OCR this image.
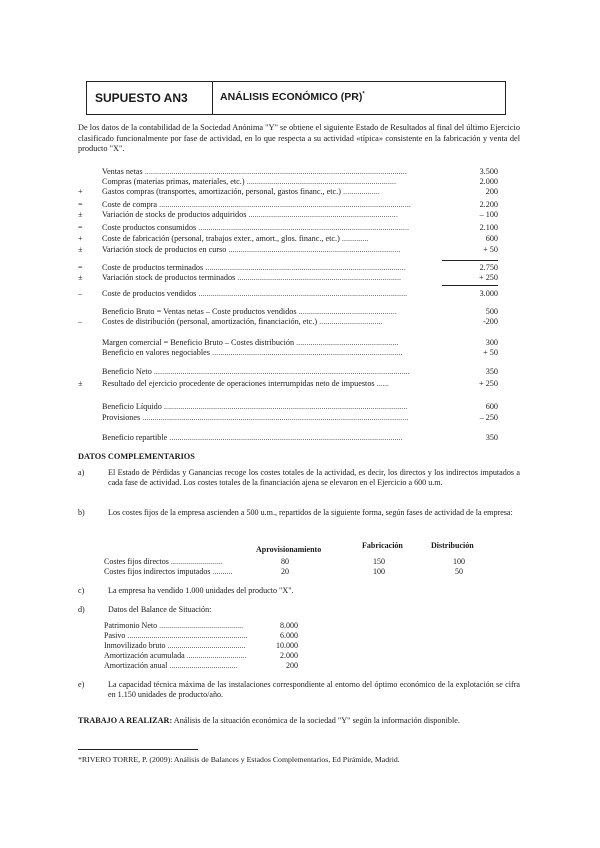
SUPUESTO AN3	ANÁLISIS ECONÓMICO (PR)*
De los datos de la contabilidad de la Sociedad Anónima "Y" se obtiene el siguiente Estado de Resultados al final del último Ejercicio clasificado funcionalmente por fase de actividad, en lo que respecta a su actividad «típica» consistente en la fabricación y venta del producto "X".
Ventas netas ................................................................................................................................	3.500
Compras (materias primas, materiales, etc.) .........................................................................	2.000
+	Gastos compras (transportes, amortización, personal, gastos financ., etc.) ..................	200
=	Coste de compra ...........................................................................................................................	2.200
±	Variación de stocks de productos adquiridos .........................................................................	– 100
=	Coste productos consumidos .......................................................................................................	2.100
+	Coste de fabricación (personal, trabajos exter., amort., glos. financ., etc.) .............	600
±	Variación stock de productos en curso ....................................................................................	+ 50
=	Coste de productos terminados ..................................................................................................	2.750
±	Variación stock de productos terminados ................................................................................	+ 250
–	Coste de productos vendidos ......................................................................................................	3.000
Beneficio Bruto = Ventas netas – Coste productos vendidos ................................................	500
–	Costes de distribución (personal, amortización, financiación, etc.) ...............................	-200
Margen comercial = Beneficio Bruto – Costes distribución ..................................................	300
Beneficio en valores negociables .............................................................................................	+ 50
Beneficio Neto .............................................................................................................................	350
±	Resultado del ejercicio procedente de operaciones interrumpidas neto de impuestos ......	+ 250
Beneficio Líquido .......................................................................................................................	600
Provisiones ..................................................................................................................................	– 250
Beneficio repartible ..................................................................................................................	350
DATOS COMPLEMENTARIOS
a)	El Estado de Pérdidas y Ganancias recoge los costes totales de la actividad, es decir, los directos y los indirectos imputados a cada fase de actividad. Los costes totales de la financiación ajena se elevaron en el Ejercicio a 600 u.m.
b)	Los costes fijos de la empresa ascienden a 500 u.m., repartidos de la siguiente forma, según fases de actividad de la empresa:
Aprovisionamiento	Fabricación	Distribución
Costes fijos directos ..........................	80	150	100
Costes fijos indirectos imputados ..........	20	100	50
c)	La empresa ha vendido 1.000 unidades del producto "X".
d)	Datos del Balance de Situación:
Patrimonio Neto ..........................................	8.000
Pasivo ............................................................	6.000
Inmovilizado bruto .......................................	10.000
Amortización acumulada ..............................	2.000
Amortización anual ..................................	200
e)	La capacidad técnica máxima de las instalaciones correspondiente al entorno del óptimo económico de la explotación se cifra en 1.150 unidades de producto/año.
TRABAJO A REALIZAR: Análisis de la situación económica de la sociedad "Y" según la información disponible.
*RIVERO TORRE, P. (2009): Análisis de Balances y Estados Complementarios, Ed Pirámide, Madrid.
